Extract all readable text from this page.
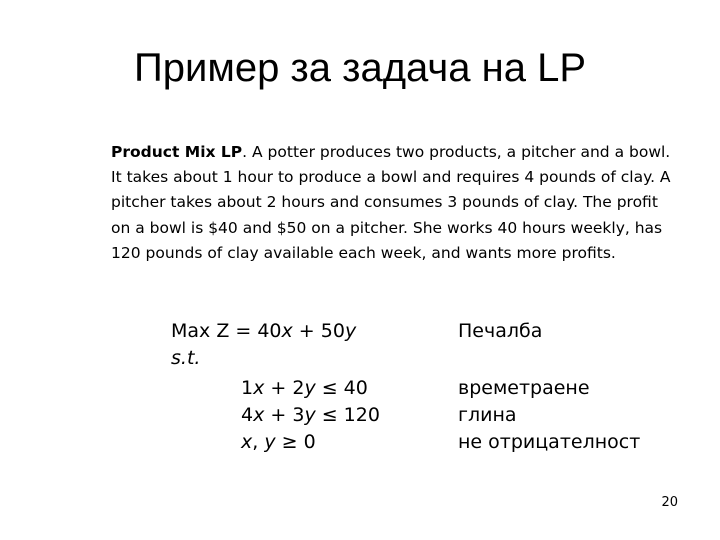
Пример за задача на LP
Product Mix LP. A potter produces two products, a pitcher and a bowl. It takes about 1 hour to produce a bowl and requires 4 pounds of clay. A pitcher takes about 2 hours and consumes 3 pounds of clay. The profit on a bowl is $40 and $50 on a pitcher. She works 40 hours weekly, has 120 pounds of clay available each week, and wants more profits.
Max Z = 40x + 50y
s.t.
1x + 2y ≤ 40
4x + 3y ≤ 120
x, y ≥ 0
Печалба
времетраене
глина
не отрицателност
20
